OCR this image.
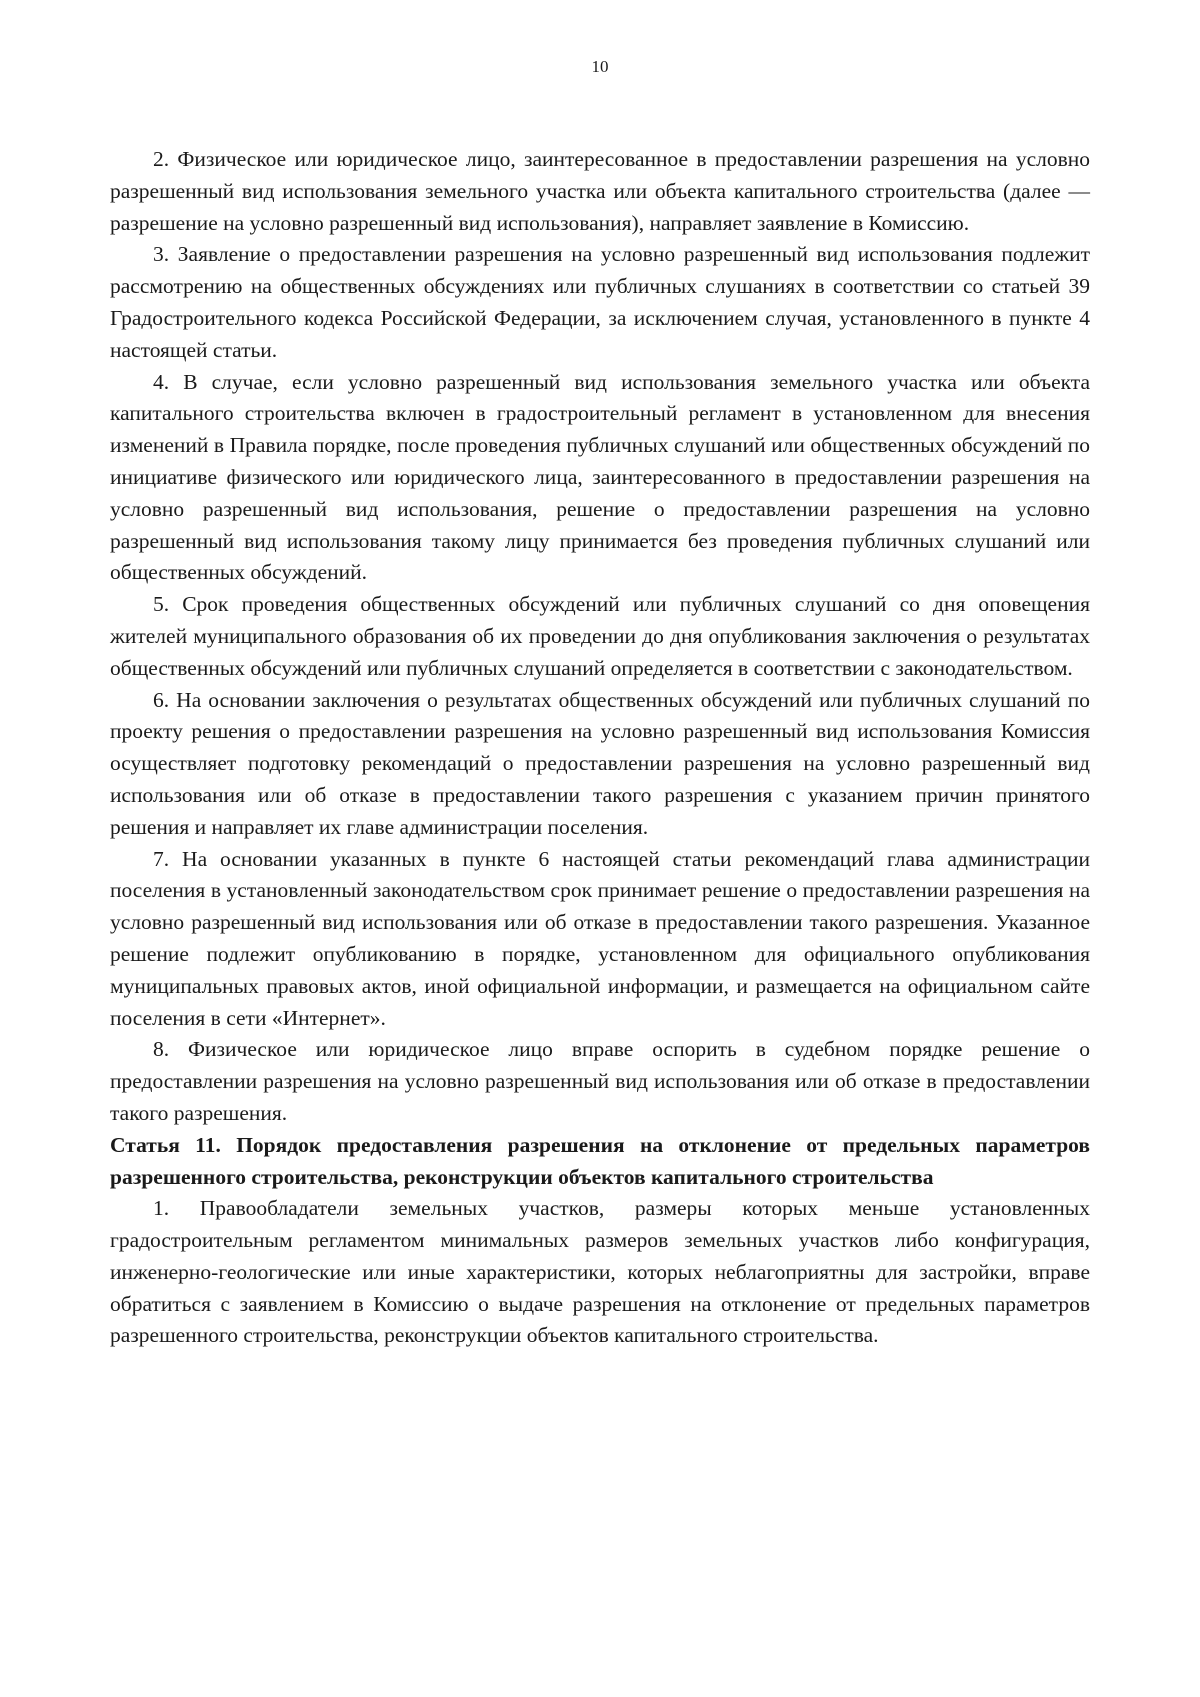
10

2. Физическое или юридическое лицо, заинтересованное в предоставлении разрешения на условно разрешенный вид использования земельного участка или объекта капитального строительства (далее — разрешение на условно разрешенный вид использования), направляет заявление в Комиссию.

3. Заявление о предоставлении разрешения на условно разрешенный вид использования подлежит рассмотрению на общественных обсуждениях или публичных слушаниях в соответствии со статьей 39 Градостроительного кодекса Российской Федерации, за исключением случая, установленного в пункте 4 настоящей статьи.

4. В случае, если условно разрешенный вид использования земельного участка или объекта капитального строительства включен в градостроительный регламент в установленном для внесения изменений в Правила порядке, после проведения публичных слушаний или общественных обсуждений по инициативе физического или юридического лица, заинтересованного в предоставлении разрешения на условно разрешенный вид использования, решение о предоставлении разрешения на условно разрешенный вид использования такому лицу принимается без проведения публичных слушаний или общественных обсуждений.

5. Срок проведения общественных обсуждений или публичных слушаний со дня оповещения жителей муниципального образования об их проведении до дня опубликования заключения о результатах общественных обсуждений или публичных слушаний определяется в соответствии с законодательством.

6. На основании заключения о результатах общественных обсуждений или публичных слушаний по проекту решения о предоставлении разрешения на условно разрешенный вид использования Комиссия осуществляет подготовку рекомендаций о предоставлении разрешения на условно разрешенный вид использования или об отказе в предоставлении такого разрешения с указанием причин принятого решения и направляет их главе администрации поселения.

7. На основании указанных в пункте 6 настоящей статьи рекомендаций глава администрации поселения в установленный законодательством срок принимает решение о предоставлении разрешения на условно разрешенный вид использования или об отказе в предоставлении такого разрешения. Указанное решение подлежит опубликованию в порядке, установленном для официального опубликования муниципальных правовых актов, иной официальной информации, и размещается на официальном сайте поселения в сети «Интернет».

8. Физическое или юридическое лицо вправе оспорить в судебном порядке решение о предоставлении разрешения на условно разрешенный вид использования или об отказе в предоставлении такого разрешения.

Статья 11. Порядок предоставления разрешения на отклонение от предельных параметров разрешенного строительства, реконструкции объектов капитального строительства

1. Правообладатели земельных участков, размеры которых меньше установленных градостроительным регламентом минимальных размеров земельных участков либо конфигурация, инженерно-геологические или иные характеристики, которых неблагоприятны для застройки, вправе обратиться с заявлением в Комиссию о выдаче разрешения на отклонение от предельных параметров разрешенного строительства, реконструкции объектов капитального строительства.
